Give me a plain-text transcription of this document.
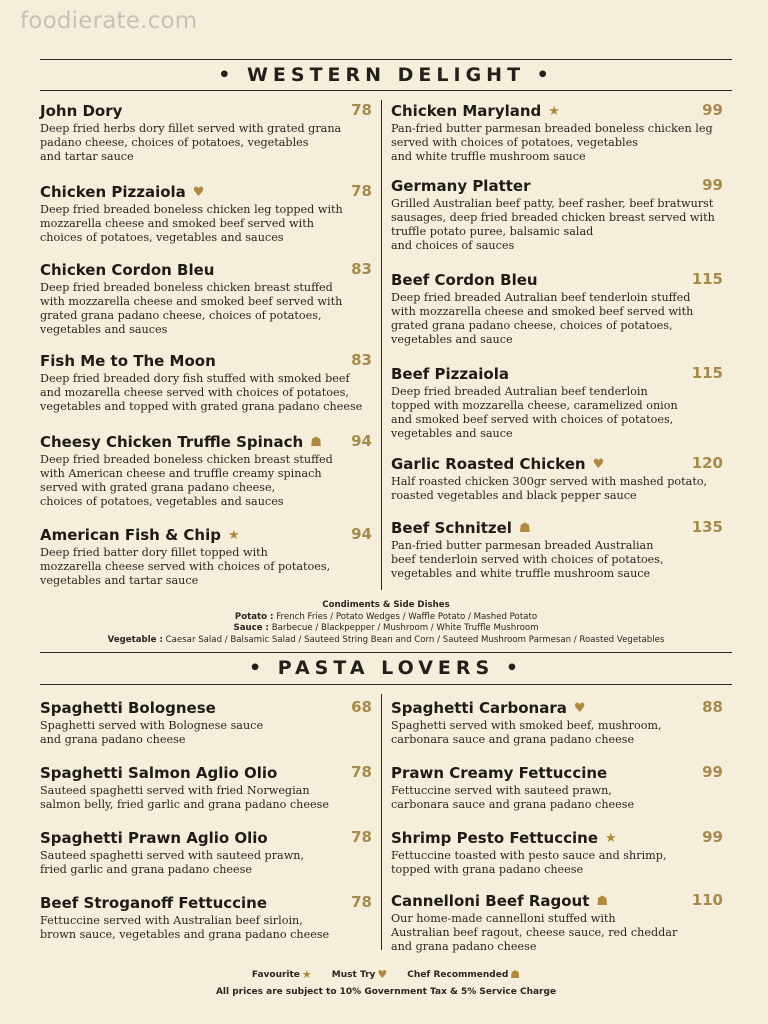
foodierate.com
• WESTERN DELIGHT •
John Dory	78
Deep fried herbs dory fillet served with grated grana
padano cheese, choices of potatoes, vegetables
and tartar sauce
Chicken Pizzaiola ♥	78
Deep fried breaded boneless chicken leg topped with
mozzarella cheese and smoked beef served with
choices of potatoes, vegetables and sauces
Chicken Cordon Bleu	83
Deep fried breaded boneless chicken breast stuffed
with mozzarella cheese and smoked beef served with
grated grana padano cheese, choices of potatoes,
vegetables and sauces
Fish Me to The Moon	83
Deep fried breaded dory fish stuffed with smoked beef
and mozarella cheese served with choices of potatoes,
vegetables and topped with grated grana padano cheese
Cheesy Chicken Truffle Spinach ☗ 94
Deep fried breaded boneless chicken breast stuffed
with American cheese and truffle creamy spinach
served with grated grana padano cheese,
choices of potatoes, vegetables and sauces
American Fish & Chip ★	94
Deep fried batter dory fillet topped with
mozzarella cheese served with choices of potatoes,
vegetables and tartar sauce
Chicken Maryland ★	99
Pan-fried butter parmesan breaded boneless chicken leg
served with choices of potatoes, vegetables
and white truffle mushroom sauce
Germany Platter	99
Grilled Australian beef patty, beef rasher, beef bratwurst
sausages, deep fried breaded chicken breast served with
truffle potato puree, balsamic salad
and choices of sauces
Beef Cordon Bleu	115
Deep fried breaded Autralian beef tenderloin stuffed
with mozzarella cheese and smoked beef served with
grated grana padano cheese, choices of potatoes,
vegetables and sauce
Beef Pizzaiola	115
Deep fried breaded Autralian beef tenderloin
topped with mozzarella cheese, caramelized onion
and smoked beef served with choices of potatoes,
vegetables and sauce
Garlic Roasted Chicken ♥	120
Half roasted chicken 300gr served with mashed potato,
roasted vegetables and black pepper sauce
Beef Schnitzel ☗	135
Pan-fried butter parmesan breaded Australian
beef tenderloin served with choices of potatoes,
vegetables and white truffle mushroom sauce
Condiments & Side Dishes
Potato : French Fries / Potato Wedges / Waffle Potato / Mashed Potato
Sauce : Barbecue / Blackpepper / Mushroom / White Truffle Mushroom
Vegetable : Caesar Salad / Balsamic Salad / Sauteed String Bean and Corn / Sauteed Mushroom Parmesan / Roasted Vegetables
• PASTA LOVERS •
Spaghetti Bolognese	68
Spaghetti served with Bolognese sauce
and grana padano cheese
Spaghetti Salmon Aglio Olio	78
Sauteed spaghetti served with fried Norwegian
salmon belly, fried garlic and grana padano cheese
Spaghetti Prawn Aglio Olio	78
Sauteed spaghetti served with sauteed prawn,
fried garlic and grana padano cheese
Beef Stroganoff Fettuccine	78
Fettuccine served with Australian beef sirloin,
brown sauce, vegetables and grana padano cheese
Spaghetti Carbonara ♥	88
Spaghetti served with smoked beef, mushroom,
carbonara sauce and grana padano cheese
Prawn Creamy Fettuccine	99
Fettuccine served with sauteed prawn,
carbonara sauce and grana padano cheese
Shrimp Pesto Fettuccine ★	99
Fettuccine toasted with pesto sauce and shrimp,
topped with grana padano cheese
Cannelloni Beef Ragout ☗	110
Our home-made cannelloni stuffed with
Australian beef ragout, cheese sauce, red cheddar
and grana padano cheese
Favourite ★ Must Try ♥ Chef Recommended ☗
All prices are subject to 10% Government Tax & 5% Service Charge
